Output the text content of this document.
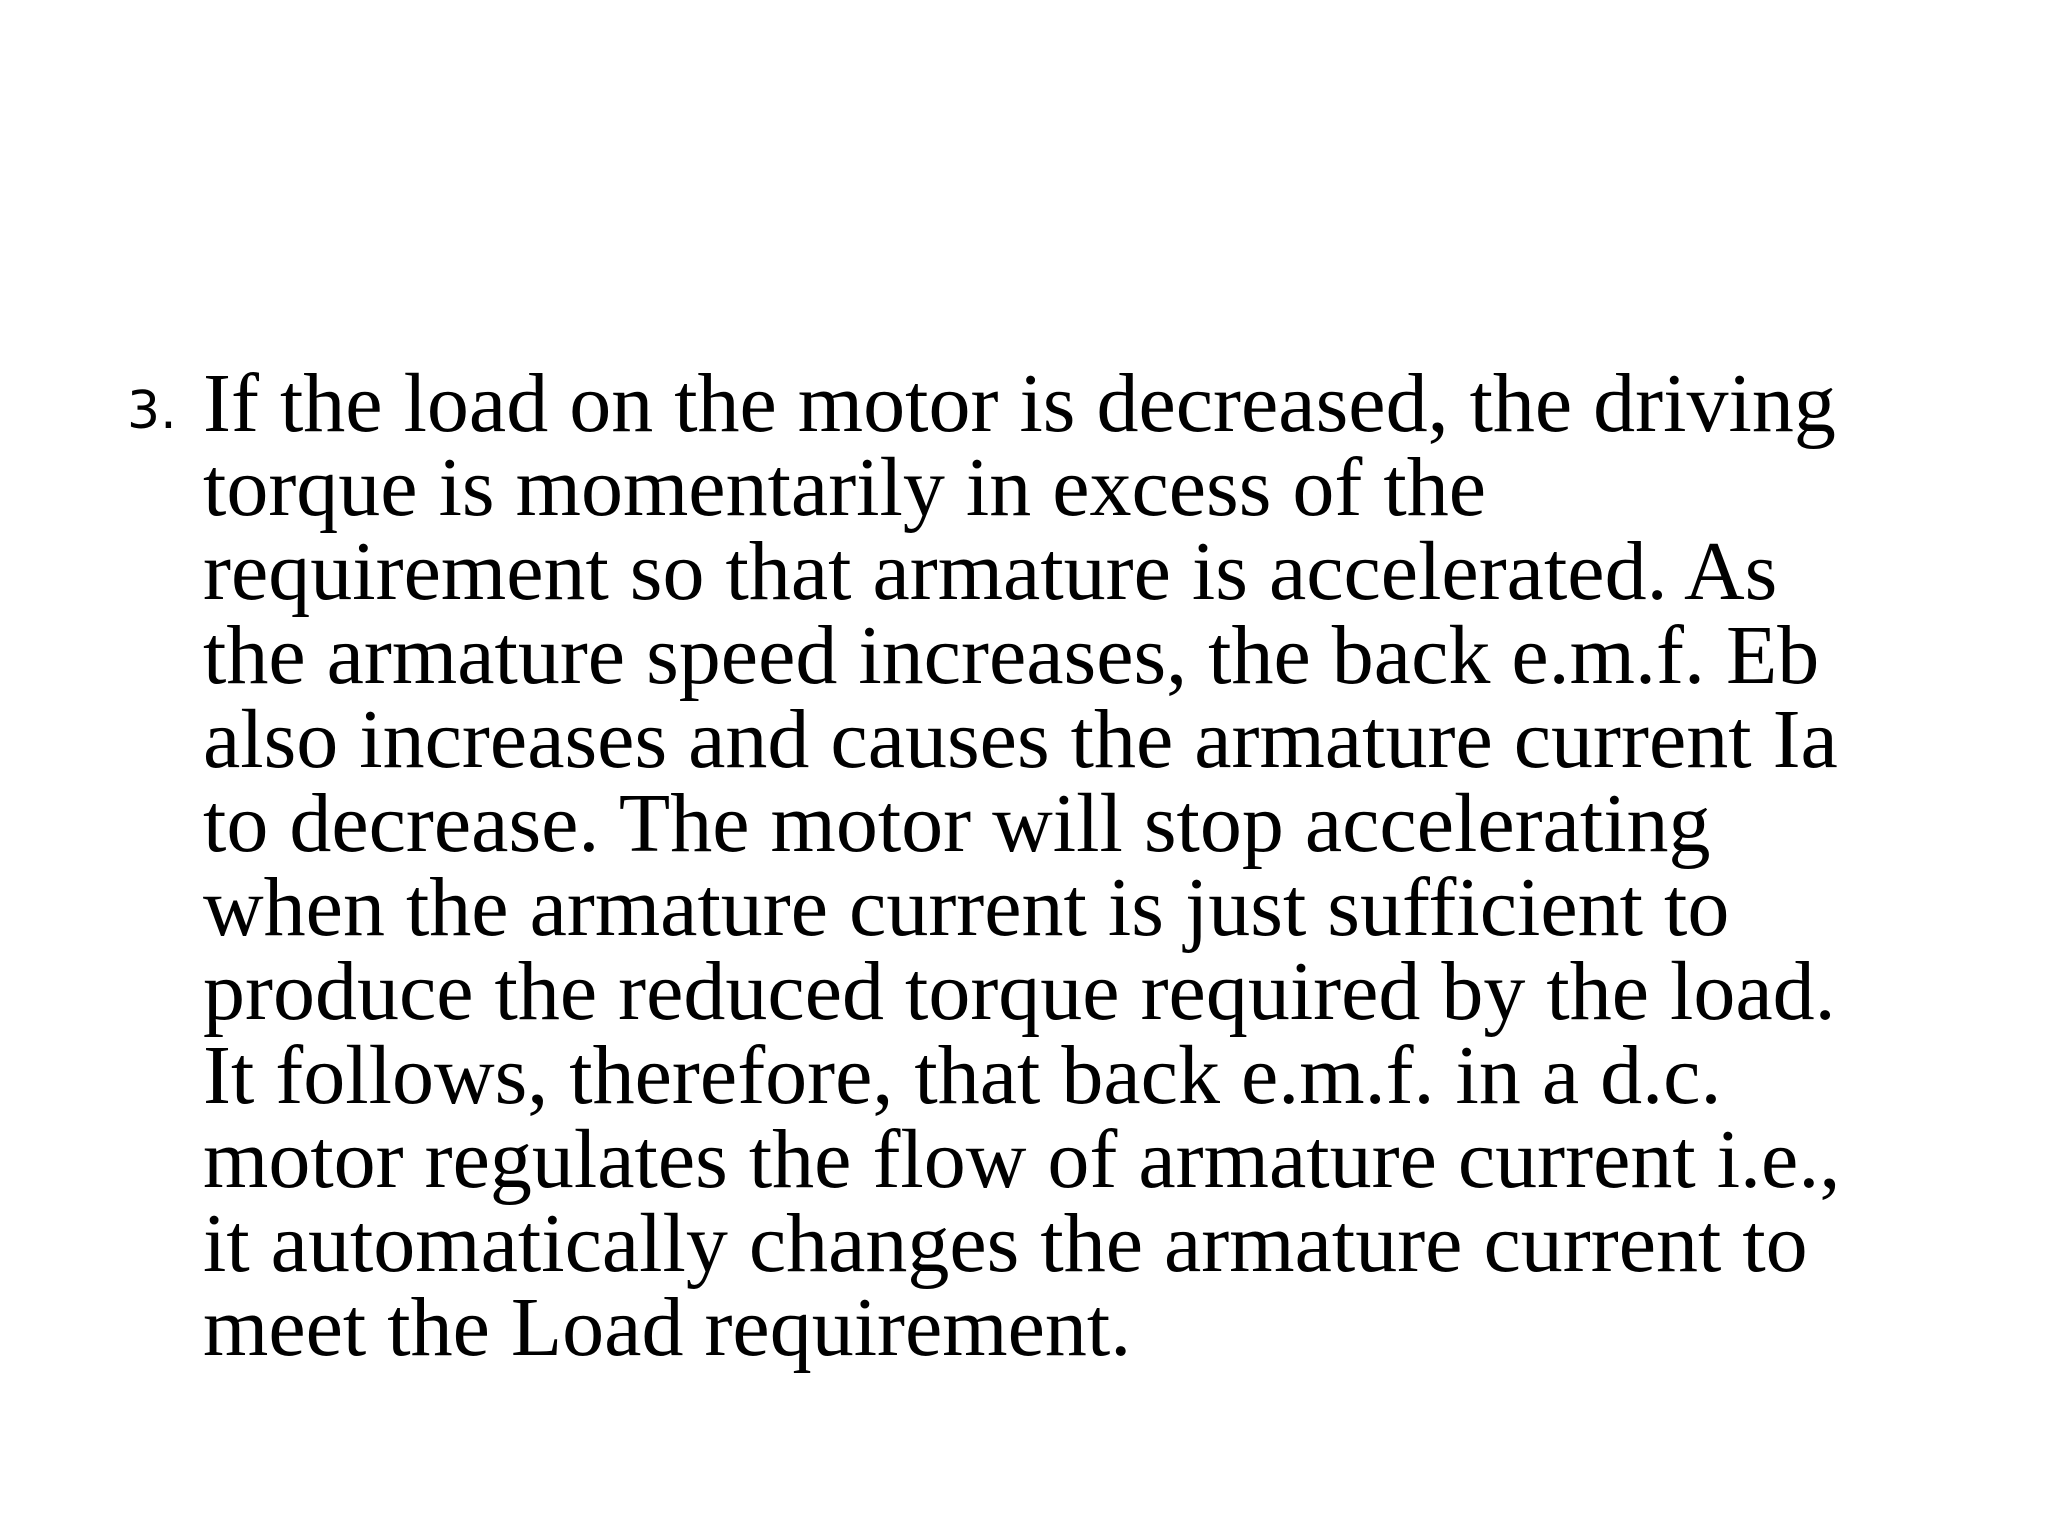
3. If the load on the motor is decreased, the driving
torque is momentarily in excess of the
requirement so that armature is accelerated. As
the armature speed increases, the back e.m.f. Eb
also increases and causes the armature current Ia
to decrease. The motor will stop accelerating
when the armature current is just sufficient to
produce the reduced torque required by the load.
It follows, therefore, that back e.m.f. in a d.c.
motor regulates the flow of armature current i.e.,
it automatically changes the armature current to
meet the Load requirement.
